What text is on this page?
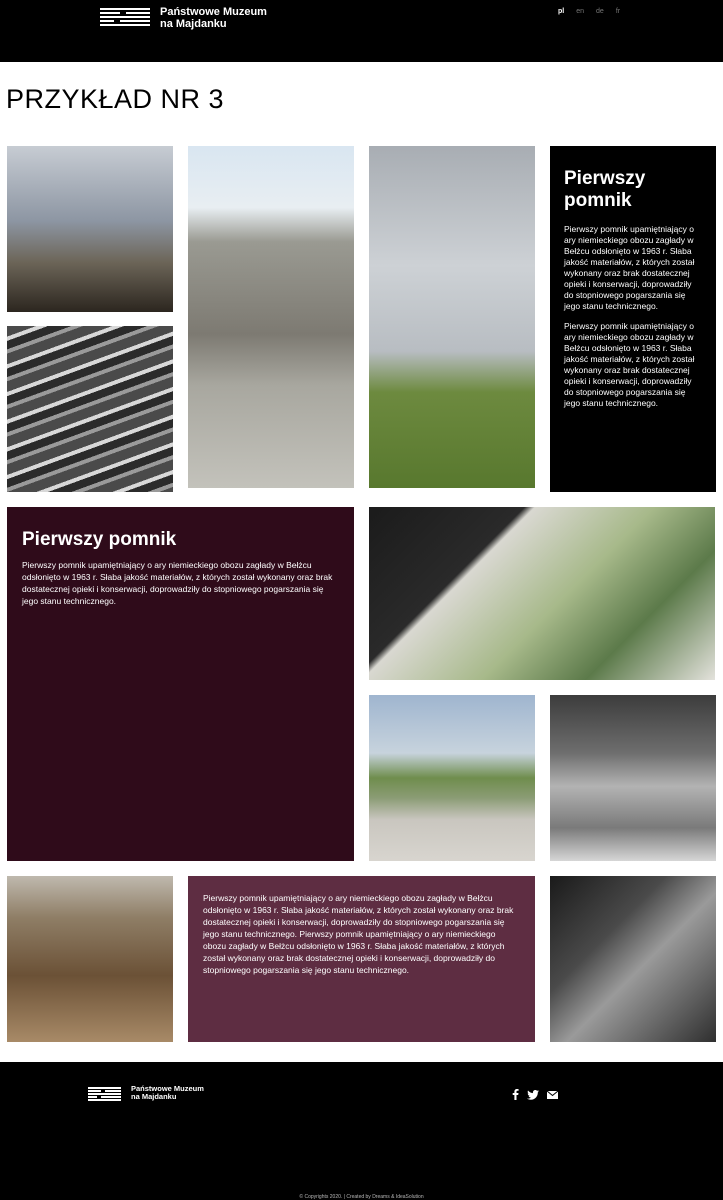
Państwowe Muzeum
na Majdanku
pl en de fr
PRZYKŁAD NR 3
Pierwszy pomnik

Pierwszy pomnik upamiętniający o ary niemieckiego obozu zagłady w Bełżcu odsłonięto w 1963 r. Słaba jakość materiałów, z których został wykonany oraz brak dostatecznej opieki i konserwacji, doprowadziły do stopniowego pogarszania się jego stanu technicznego.

Pierwszy pomnik upamiętniający o ary niemieckiego obozu zagłady w Bełżcu odsłonięto w 1963 r. Słaba jakość materiałów, z których został wykonany oraz brak dostatecznej opieki i konserwacji, doprowadziły do stopniowego pogarszania się jego stanu technicznego.

Pierwszy pomnik

Pierwszy pomnik upamiętniający o ary niemieckiego obozu zagłady w Bełżcu odsłonięto w 1963 r. Słaba jakość materiałów, z których został wykonany oraz brak dostatecznej opieki i konserwacji, doprowadziły do stopniowego pogarszania się jego stanu technicznego.

Pierwszy pomnik upamiętniający o ary niemieckiego obozu zagłady w Bełżcu odsłonięto w 1963 r. Słaba jakość materiałów, z których został wykonany oraz brak dostatecznej opieki i konserwacji, doprowadziły do stopniowego pogarszania się jego stanu technicznego. Pierwszy pomnik upamiętniający o ary niemieckiego obozu zagłady w Bełżcu odsłonięto w 1963 r. Słaba jakość materiałów, z których został wykonany oraz brak dostatecznej opieki i konserwacji, doprowadziły do stopniowego pogarszania się jego stanu technicznego.

Państwowe Muzeum
na Majdanku
© Copyrights 2020. | Created by Dreams & IdeaSolution
